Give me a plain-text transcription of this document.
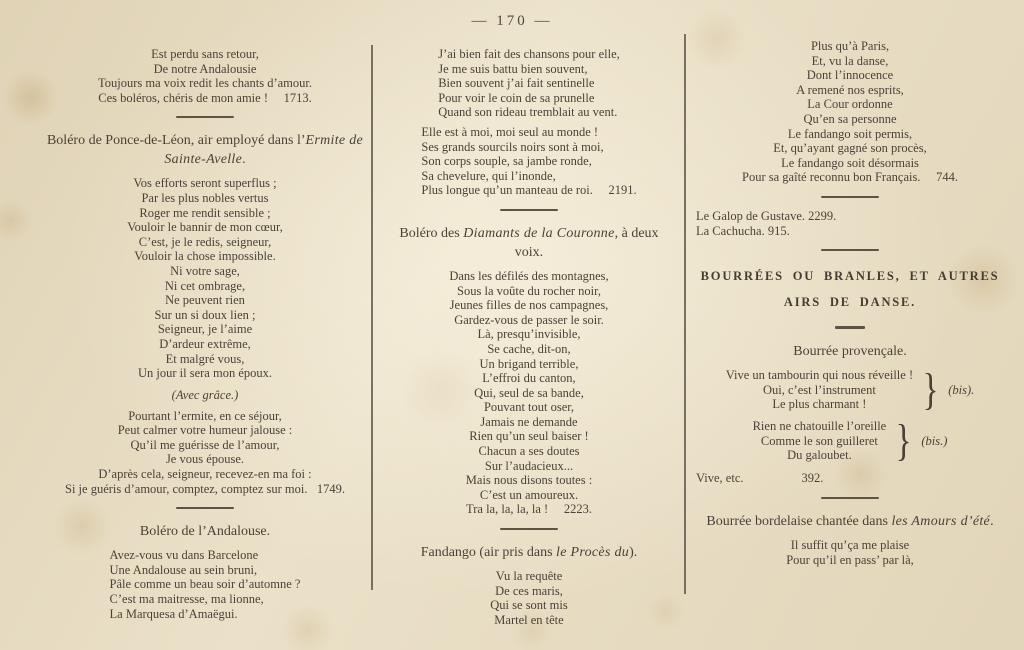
— 170 —
Est perdu sans retour,
De notre Andalousie
Toujours ma voix redit les chants d’amour.
Ces boléros, chéris de mon amie !   1713.
Boléro de Ponce-de-Léon, air employé dans l’Ermite de Sainte-Avelle.
Vos efforts seront superflus ;
Par les plus nobles vertus
Roger me rendit sensible ;
Vouloir le bannir de mon cœur,
C’est, je le redis, seigneur,
Vouloir la chose impossible.
Ni votre sage,
Ni cet ombrage,
Ne peuvent rien
Sur un si doux lien ;
Seigneur, je l’aime
D’ardeur extrême,
Et malgré vous,
Un jour il sera mon époux.
(Avec grâce.)
Pourtant l’ermite, en ce séjour,
Peut calmer votre humeur jalouse :
Qu’il me guérisse de l’amour,
Je vous épouse.
D’après cela, seigneur, recevez-en ma foi :
Si je guéris d’amour, comptez, comptez sur moi.  1749.
Boléro de l’Andalouse.
Avez-vous vu dans Barcelone
Une Andalouse au sein bruni,
Pâle comme un beau soir d’automne ?
C’est ma maitresse, ma lionne,
La Marquesa d’Amaëgui.
J’ai bien fait des chansons pour elle,
Je me suis battu bien souvent,
Bien souvent j’ai fait sentinelle
Pour voir le coin de sa prunelle
Quand son rideau tremblait au vent.
Elle est à moi, moi seul au monde !
Ses grands sourcils noirs sont à moi,
Son corps souple, sa jambe ronde,
Sa chevelure, qui l’inonde,
Plus longue qu’un manteau de roi.   2191.
Boléro des Diamants de la Couronne, à deux voix.
Dans les défilés des montagnes,
Sous la voûte du rocher noir,
Jeunes filles de nos campagnes,
Gardez-vous de passer le soir.
Là, presqu’invisible,
Se cache, dit-on,
Un brigand terrible,
L’effroi du canton,
Qui, seul de sa bande,
Pouvant tout oser,
Jamais ne demande
Rien qu’un seul baiser !
Chacun a ses doutes
Sur l’audacieux...
Mais nous disons toutes :
C’est un amoureux.
Tra la, la, la, la !   2223.
Fandango (air pris dans le Procès du).
Vu la requête
De ces maris,
Qui se sont mis
Martel en tête
Plus qu’à Paris,
Et, vu la danse,
Dont l’innocence
A remené nos esprits,
La Cour ordonne
Qu’en sa personne
Le fandango soit permis,
Et, qu’ayant gagné son procès,
Le fandango soit désormais
Pour sa gaîté reconnu bon Français.   744.
Le Galop de Gustave. 2299.
La Cachucha. 915.
BOURRÉES OU BRANLES, ET AUTRES
AIRS DE DANSE.
Bourrée provençale.
Vive un tambourin qui nous réveille !
Oui, c’est l’instrument
Le plus charmant !	} (bis).
Rien ne chatouille l’oreille
Comme le son guilleret
Du galoubet.	} (bis.)
Vive, etc.	392.
Bourrée bordelaise chantée dans les Amours d’été.
Il suffit qu’ça me plaise
Pour qu’il en pass’ par là,
